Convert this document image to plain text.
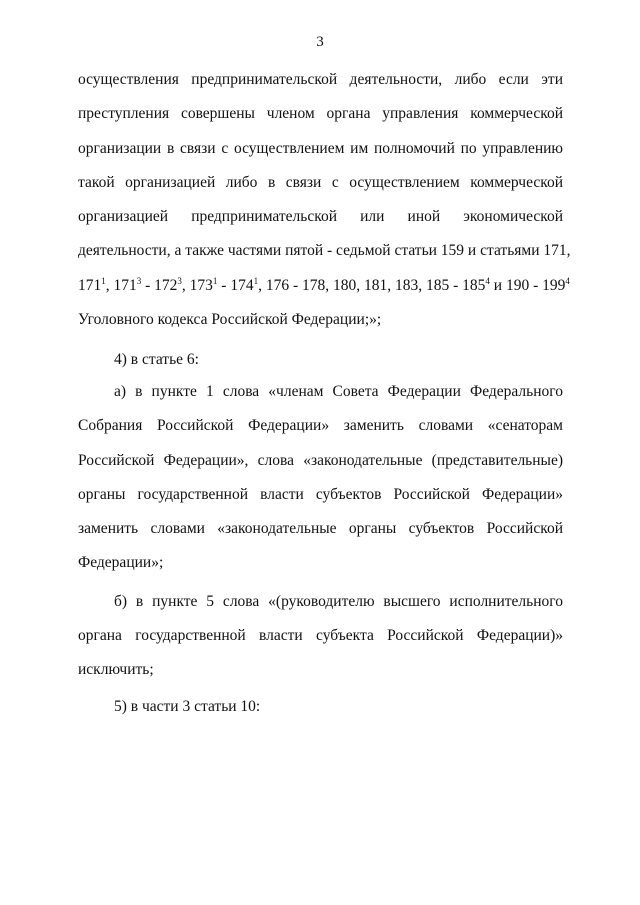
3
осуществления предпринимательской деятельности, либо если эти
преступления совершены членом органа управления коммерческой
организации в связи с осуществлением им полномочий по управлению
такой организацией либо в связи с осуществлением коммерческой
организацией предпринимательской или иной экономической
деятельности, а также частями пятой - седьмой статьи 159 и статьями 171,
$171^1$, $171^3 - 172^3$, $173^1 - 174^1$, 176 - 178, 180, 181, 183, $185 - 185^4$ и $190 - 199^4$
Уголовного кодекса Российской Федерации;»;
4) в статье 6:
а) в пункте 1 слова «членам Совета Федерации Федерального
Собрания Российской Федерации» заменить словами «сенаторам
Российской Федерации», слова «законодательные (представительные)
органы государственной власти субъектов Российской Федерации»
заменить словами «законодательные органы субъектов Российской
Федерации»;
б) в пункте 5 слова «(руководителю высшего исполнительного
органа государственной власти субъекта Российской Федерации)»
исключить;
5) в части 3 статьи 10:
